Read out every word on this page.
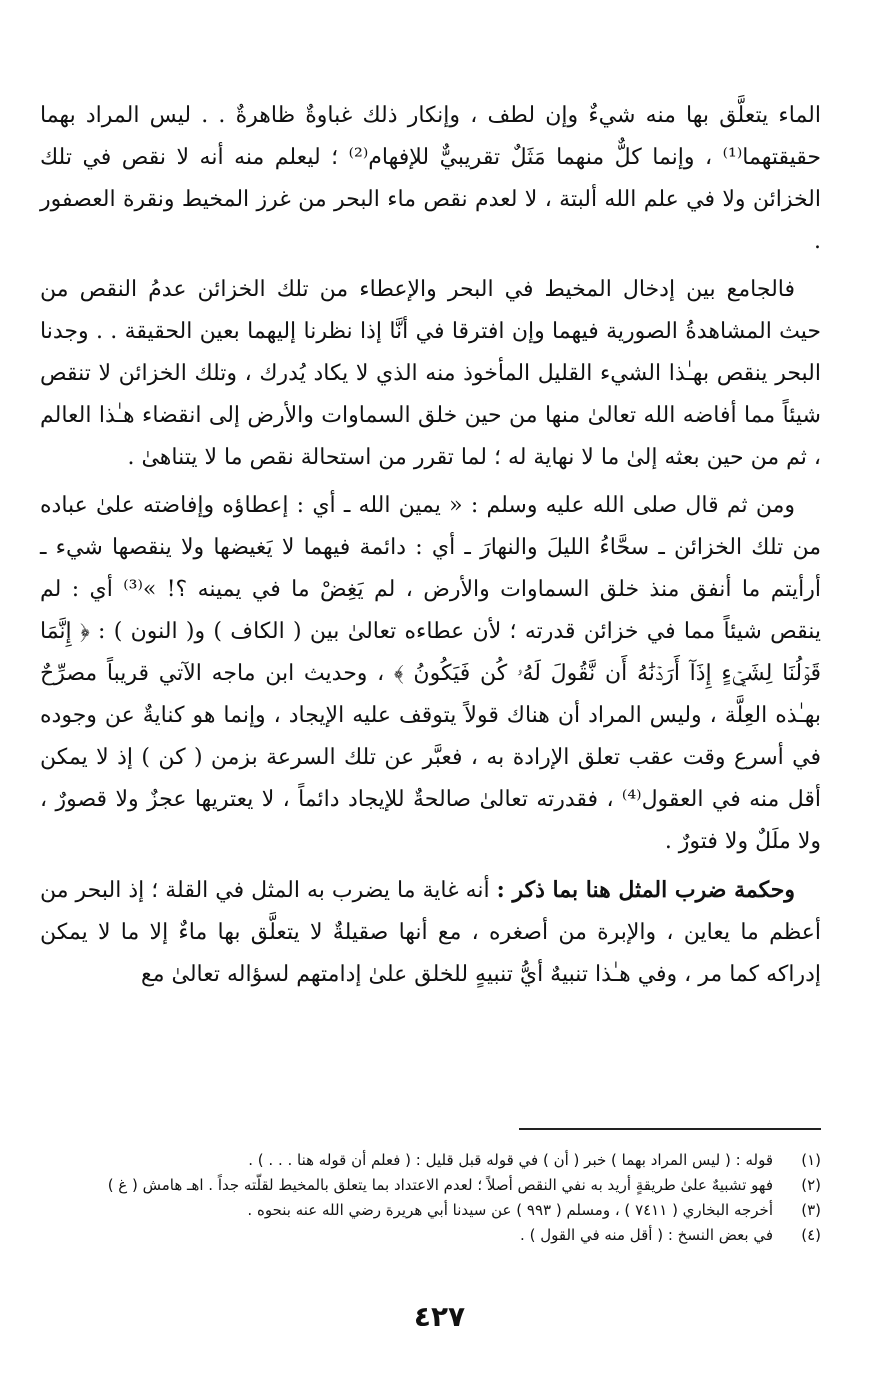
الماء يتعلَّق بها منه شيءٌ وإن لطف ، وإنكار ذلك غباوةٌ ظاهرةٌ . . ليس المراد بهما حقيقتهما⁽¹⁾ ، وإنما كلٌّ منهما مَثَلٌ تقريبيٌّ للإفهام⁽²⁾ ؛ ليعلم منه أنه لا نقص في تلك الخزائن ولا في علم الله ألبتة ، لا لعدم نقص ماء البحر من غرز المخيط ونقرة العصفور .

فالجامع بين إدخال المخيط في البحر والإعطاء من تلك الخزائن عدمُ النقص من حيث المشاهدةُ الصورية فيهما وإن افترقا في أنَّا إذا نظرنا إليهما بعين الحقيقة . . وجدنا البحر ينقص بهـٰذا الشيء القليل المأخوذ منه الذي لا يكاد يُدرك ، وتلك الخزائن لا تنقص شيئاً مما أفاضه الله تعالىٰ منها من حين خلق السماوات والأرض إلى انقضاء هـٰذا العالم ، ثم من حين بعثه إلىٰ ما لا نهاية له ؛ لما تقرر من استحالة نقص ما لا يتناهىٰ .

ومن ثم قال صلى الله عليه وسلم : « يمين الله ـ أي : إعطاؤه وإفاضته علىٰ عباده من تلك الخزائن ـ سحَّاءُ الليلَ والنهارَ ـ أي : دائمة فيهما لا يَغيضها ولا ينقصها شيء ـ أرأيتم ما أنفق منذ خلق السماوات والأرض ، لم يَغِضْ ما في يمينه ؟! »⁽³⁾ أي : لم ينقص شيئاً مما في خزائن قدرته ؛ لأن عطاءه تعالىٰ بين ( الكاف ) و( النون ) : ﴿ إِنَّمَا قَوۡلُنَا لِشَيۡءٍ إِذَآ أَرَدۡنَٰهُ أَن نَّقُولَ لَهُۥ كُن فَيَكُونُ ﴾ ، وحديث ابن ماجه الآتي قريباً مصرِّحٌ بهـٰذه العِلَّة ، وليس المراد أن هناك قولاً يتوقف عليه الإيجاد ، وإنما هو كنايةٌ عن وجوده في أسرع وقت عقب تعلق الإرادة به ، فعبَّر عن تلك السرعة بزمن ( كن ) إذ لا يمكن أقل منه في العقول⁽⁴⁾ ، فقدرته تعالىٰ صالحةٌ للإيجاد دائماً ، لا يعتريها عجزٌ ولا قصورٌ ، ولا ملَلٌ ولا فتورٌ .

وحكمة ضرب المثل هنا بما ذكر : أنه غاية ما يضرب به المثل في القلة ؛ إذ البحر من أعظم ما يعاين ، والإبرة من أصغره ، مع أنها صقيلةٌ لا يتعلَّق بها ماءٌ إلا ما لا يمكن إدراكه كما مر ، وفي هـٰذا تنبيهٌ أيُّ تنبيهٍ للخلق علىٰ إدامتهم لسؤاله تعالىٰ مع

(١)
قوله : ( ليس المراد بهما ) خبر ( أن ) في قوله قبل قليل : ( فعلم أن قوله هنا . . . ) .
(٢)
فهو تشبيهٌ علىٰ طريقةٍ أريد به نفي النقص أصلاً ؛ لعدم الاعتداد بما يتعلق بالمخيط لقلّته جداً . اهـ هامش ( غ )
(٣)
أخرجه البخاري ( ٧٤١١ ) ، ومسلم ( ٩٩٣ ) عن سيدنا أبي هريرة رضي الله عنه بنحوه .
(٤)
في بعض النسخ : ( أقل منه في القول ) .
٤٢٧
